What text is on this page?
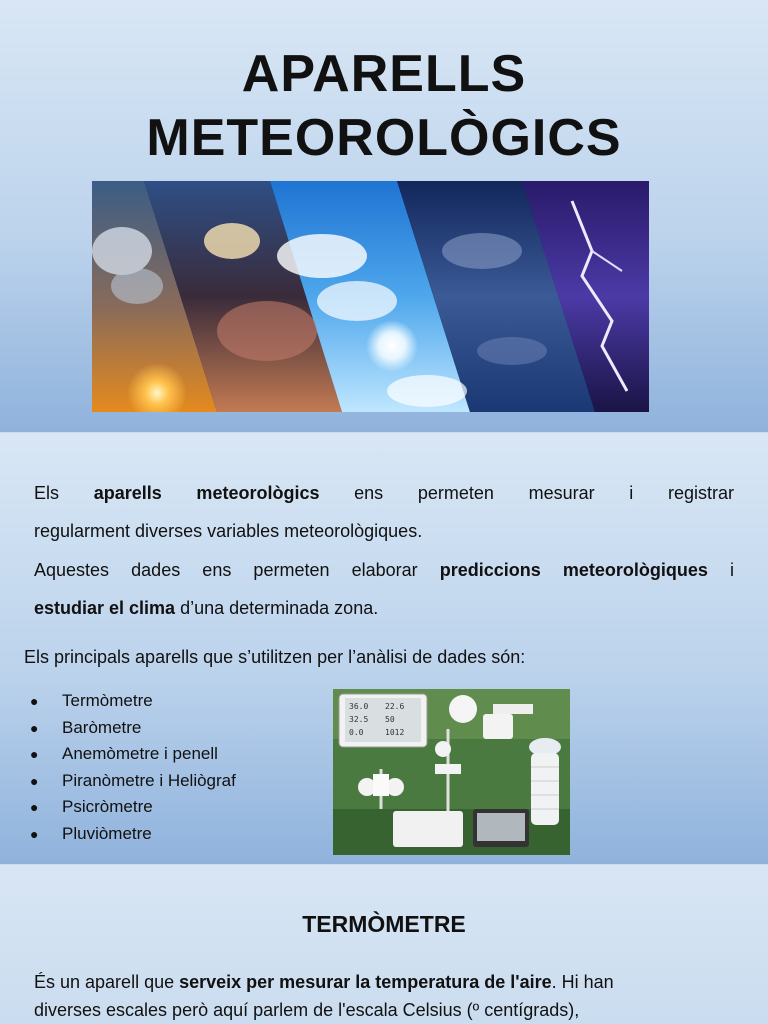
APARELLS
METEOROLÒGICS
Els aparells meteorològics ens permeten mesurar i registrar
regularment diverses variables meteorològiques.
Aquestes dades ens permeten elaborar prediccions meteorològiques i
estudiar el clima d’una determinada zona.
Els principals aparells que s’utilitzen per l’anàlisi de dades són:
●	Termòmetre
●	Baròmetre
●	Anemòmetre i penell
●	Piranòmetre i Heliògraf
●	Psicròmetre
●	Pluviòmetre
36.0 22.6
32.5 50
1012
0.0
TERMÒMETRE
És un aparell que serveix per mesurar la temperatura de l'aire. Hi han
diverses escales però aquí parlem de l'escala Celsius (º centígrads),
